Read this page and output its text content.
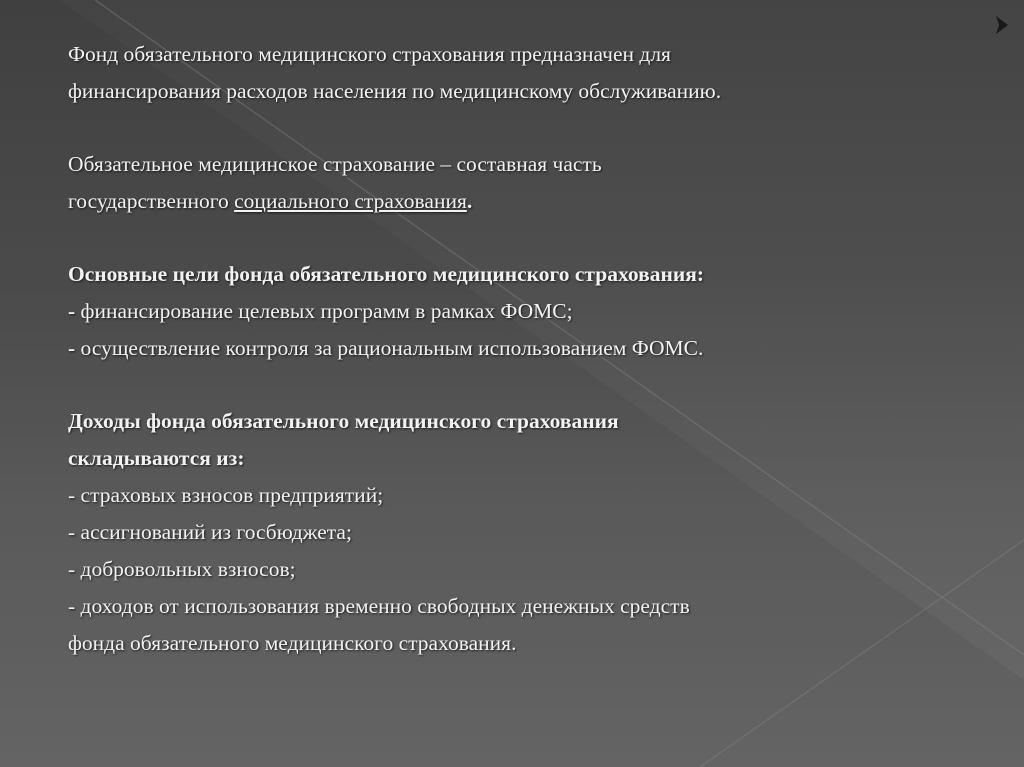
Фонд обязательного медицинского страхования предназначен для
финансирования расходов населения по медицинскому обслуживанию.
Обязательное медицинское страхование – составная часть
государственного социального страхования.
Основные цели фонда обязательного медицинского страхования:
- финансирование целевых программ в рамках ФОМС;
- осуществление контроля за рациональным использованием ФОМС.
Доходы фонда обязательного медицинского страхования
складываются из:
- страховых взносов предприятий;
- ассигнований из госбюджета;
- добровольных взносов;
- доходов от использования временно свободных денежных средств
фонда обязательного медицинского страхования.
